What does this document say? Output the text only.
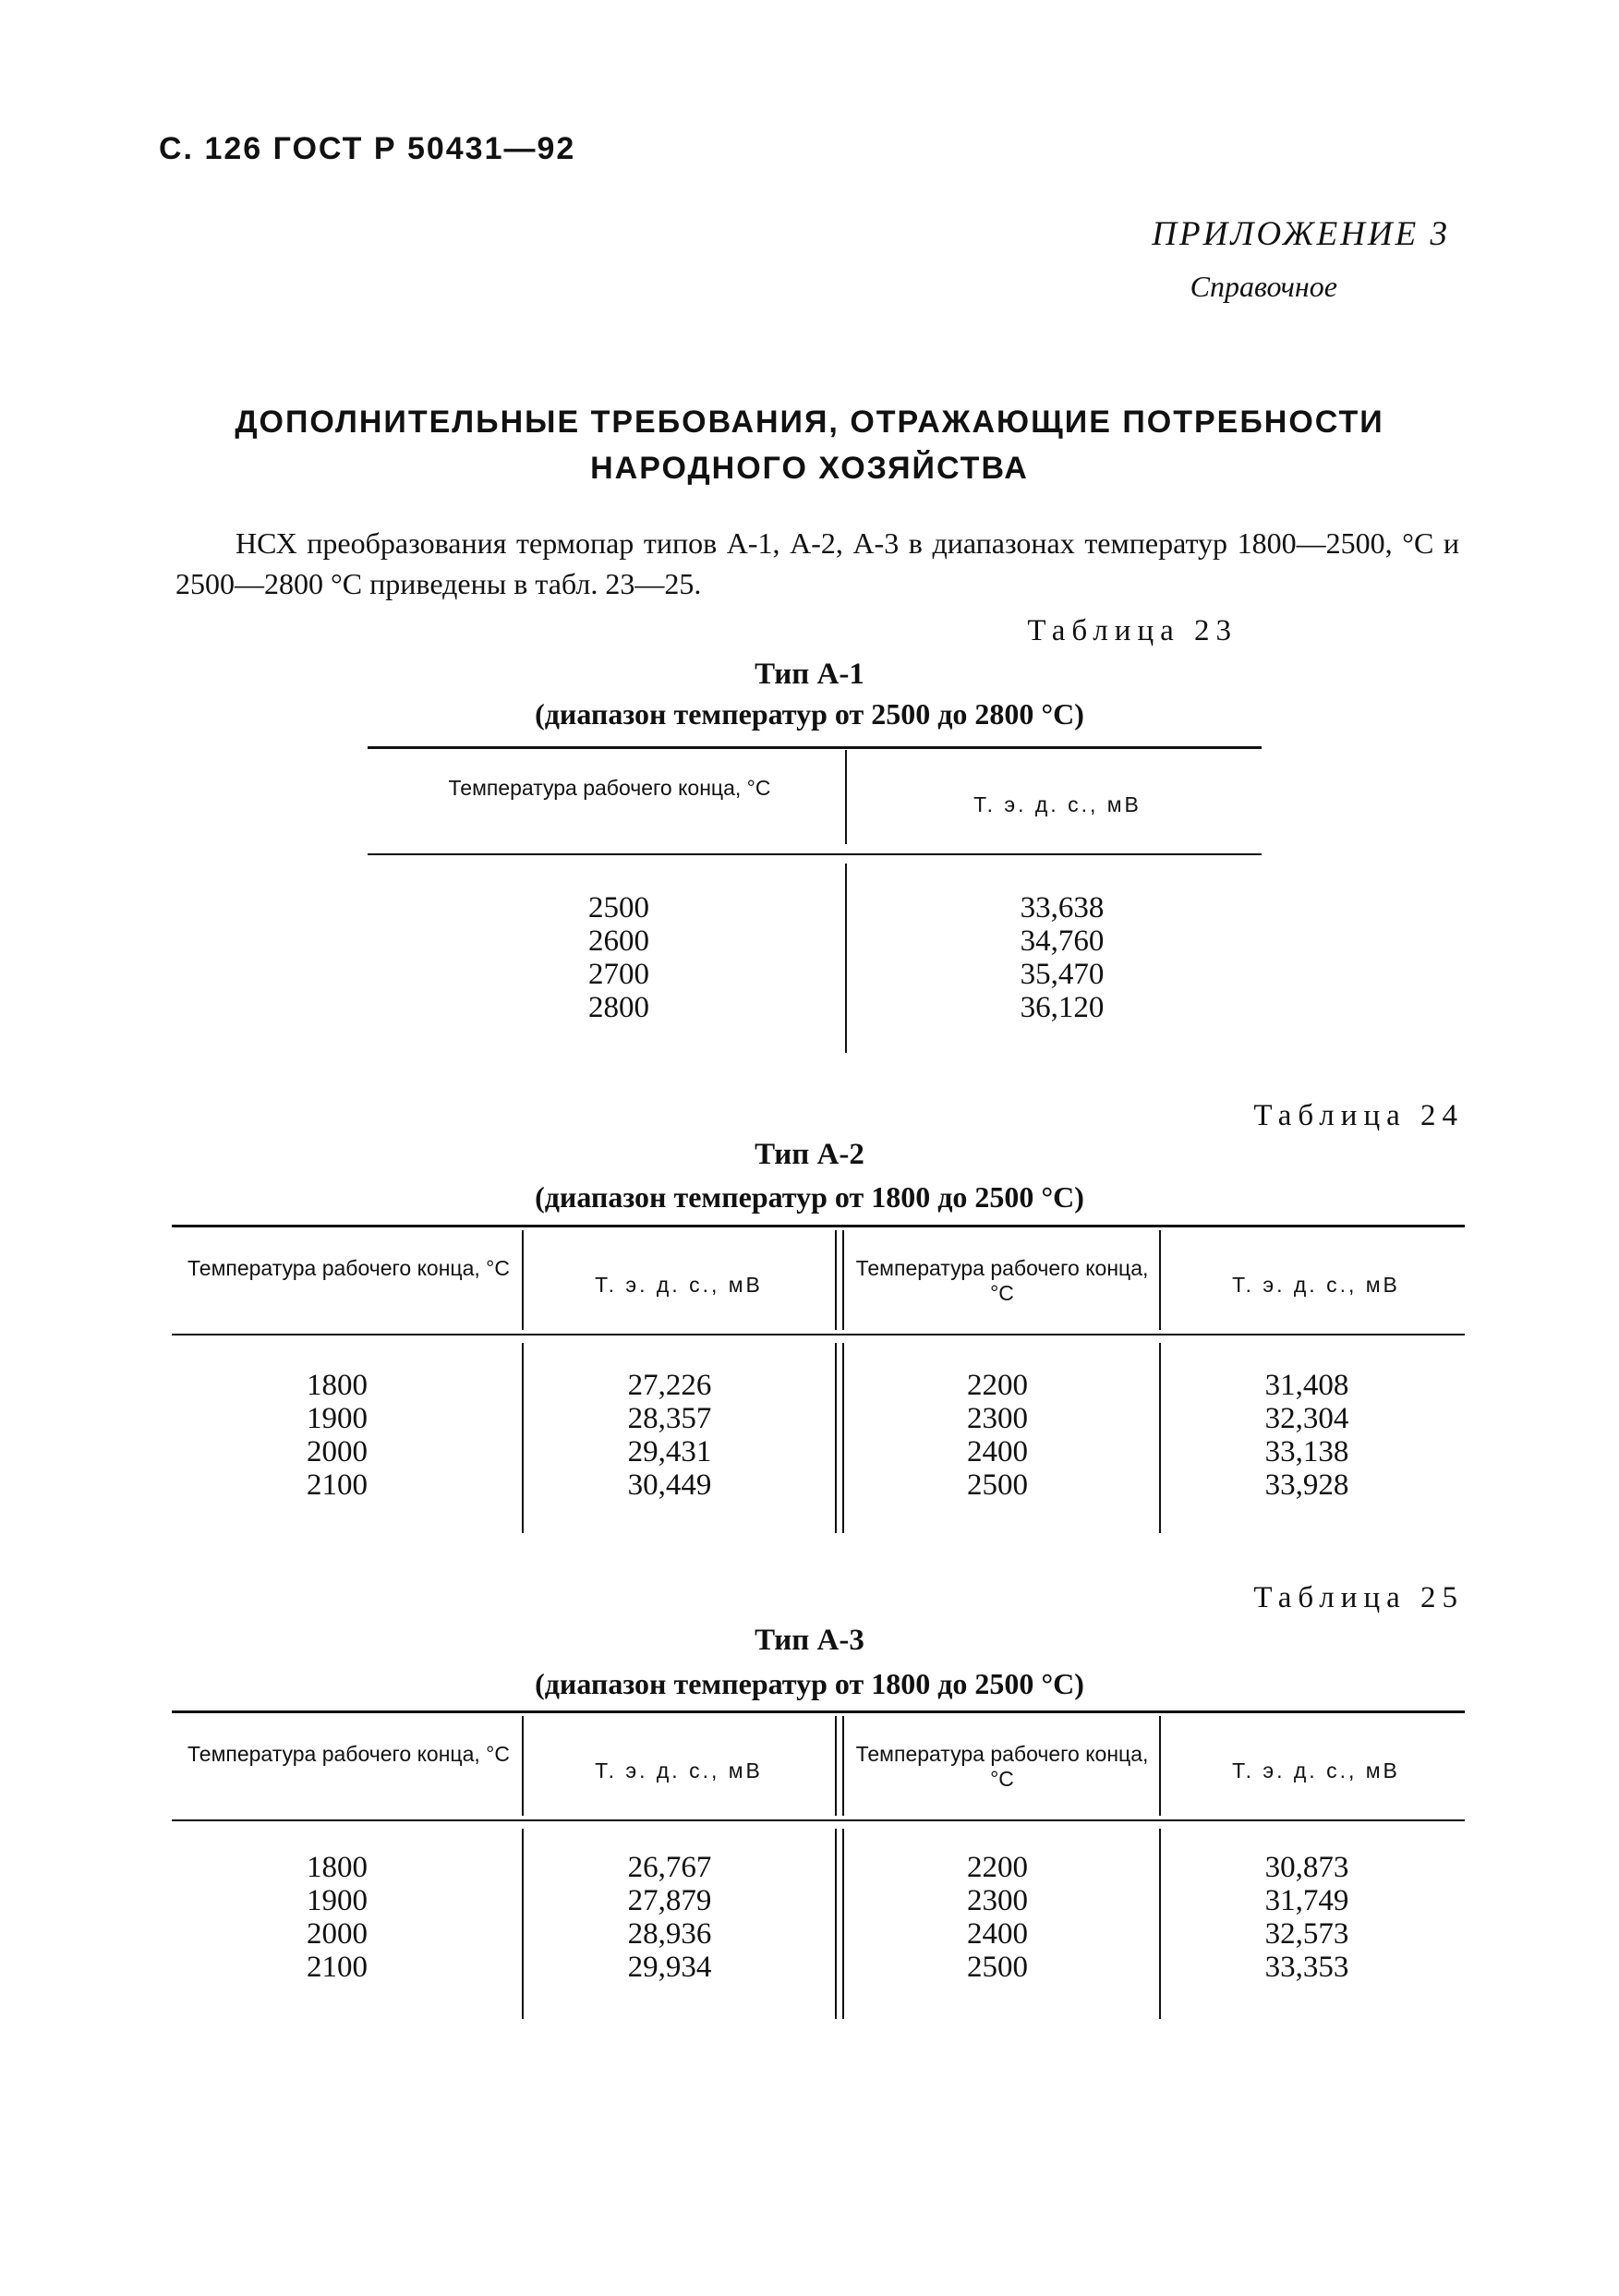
С. 126 ГОСТ Р 50431—92
ПРИЛОЖЕНИЕ 3
Справочное
ДОПОЛНИТЕЛЬНЫЕ ТРЕБОВАНИЯ, ОТРАЖАЮЩИЕ ПОТРЕБНОСТИ
НАРОДНОГО ХОЗЯЙСТВА
НСХ преобразования термопар типов А-1, А-2, А-3 в диапазонах температур 1800—2500, °С и 2500—2800 °С приведены в табл. 23—25.
Таблица 23
Тип А-1
(диапазон температур от 2500 до 2800 °С)
Температура рабочего конца, °С
Т. э. д. с., мВ
2500
2600
2700
2800
33,638
34,760
35,470
36,120
Таблица 24
Тип А-2
(диапазон температур от 1800 до 2500 °С)
Температура рабочего конца, °С
Т. э. д. с., мВ
Температура рабочего конца, °С	Т. э. д. с., мВ
1800
1900
2000
2100
27,226
28,357
29,431
30,449
2200
2300
2400
2500
31,408
32,304
33,138
33,928
Таблица 25
Тип А-3
(диапазон температур от 1800 до 2500 °С)
Температура рабочего конца, °С
Т. э. д. с., мВ
Температура рабочего конца, °С	Т. э. д. с., мВ
1800
1900
2000
2100
26,767
27,879
28,936
29,934
2200
2300
2400
2500
30,873
31,749
32,573
33,353
